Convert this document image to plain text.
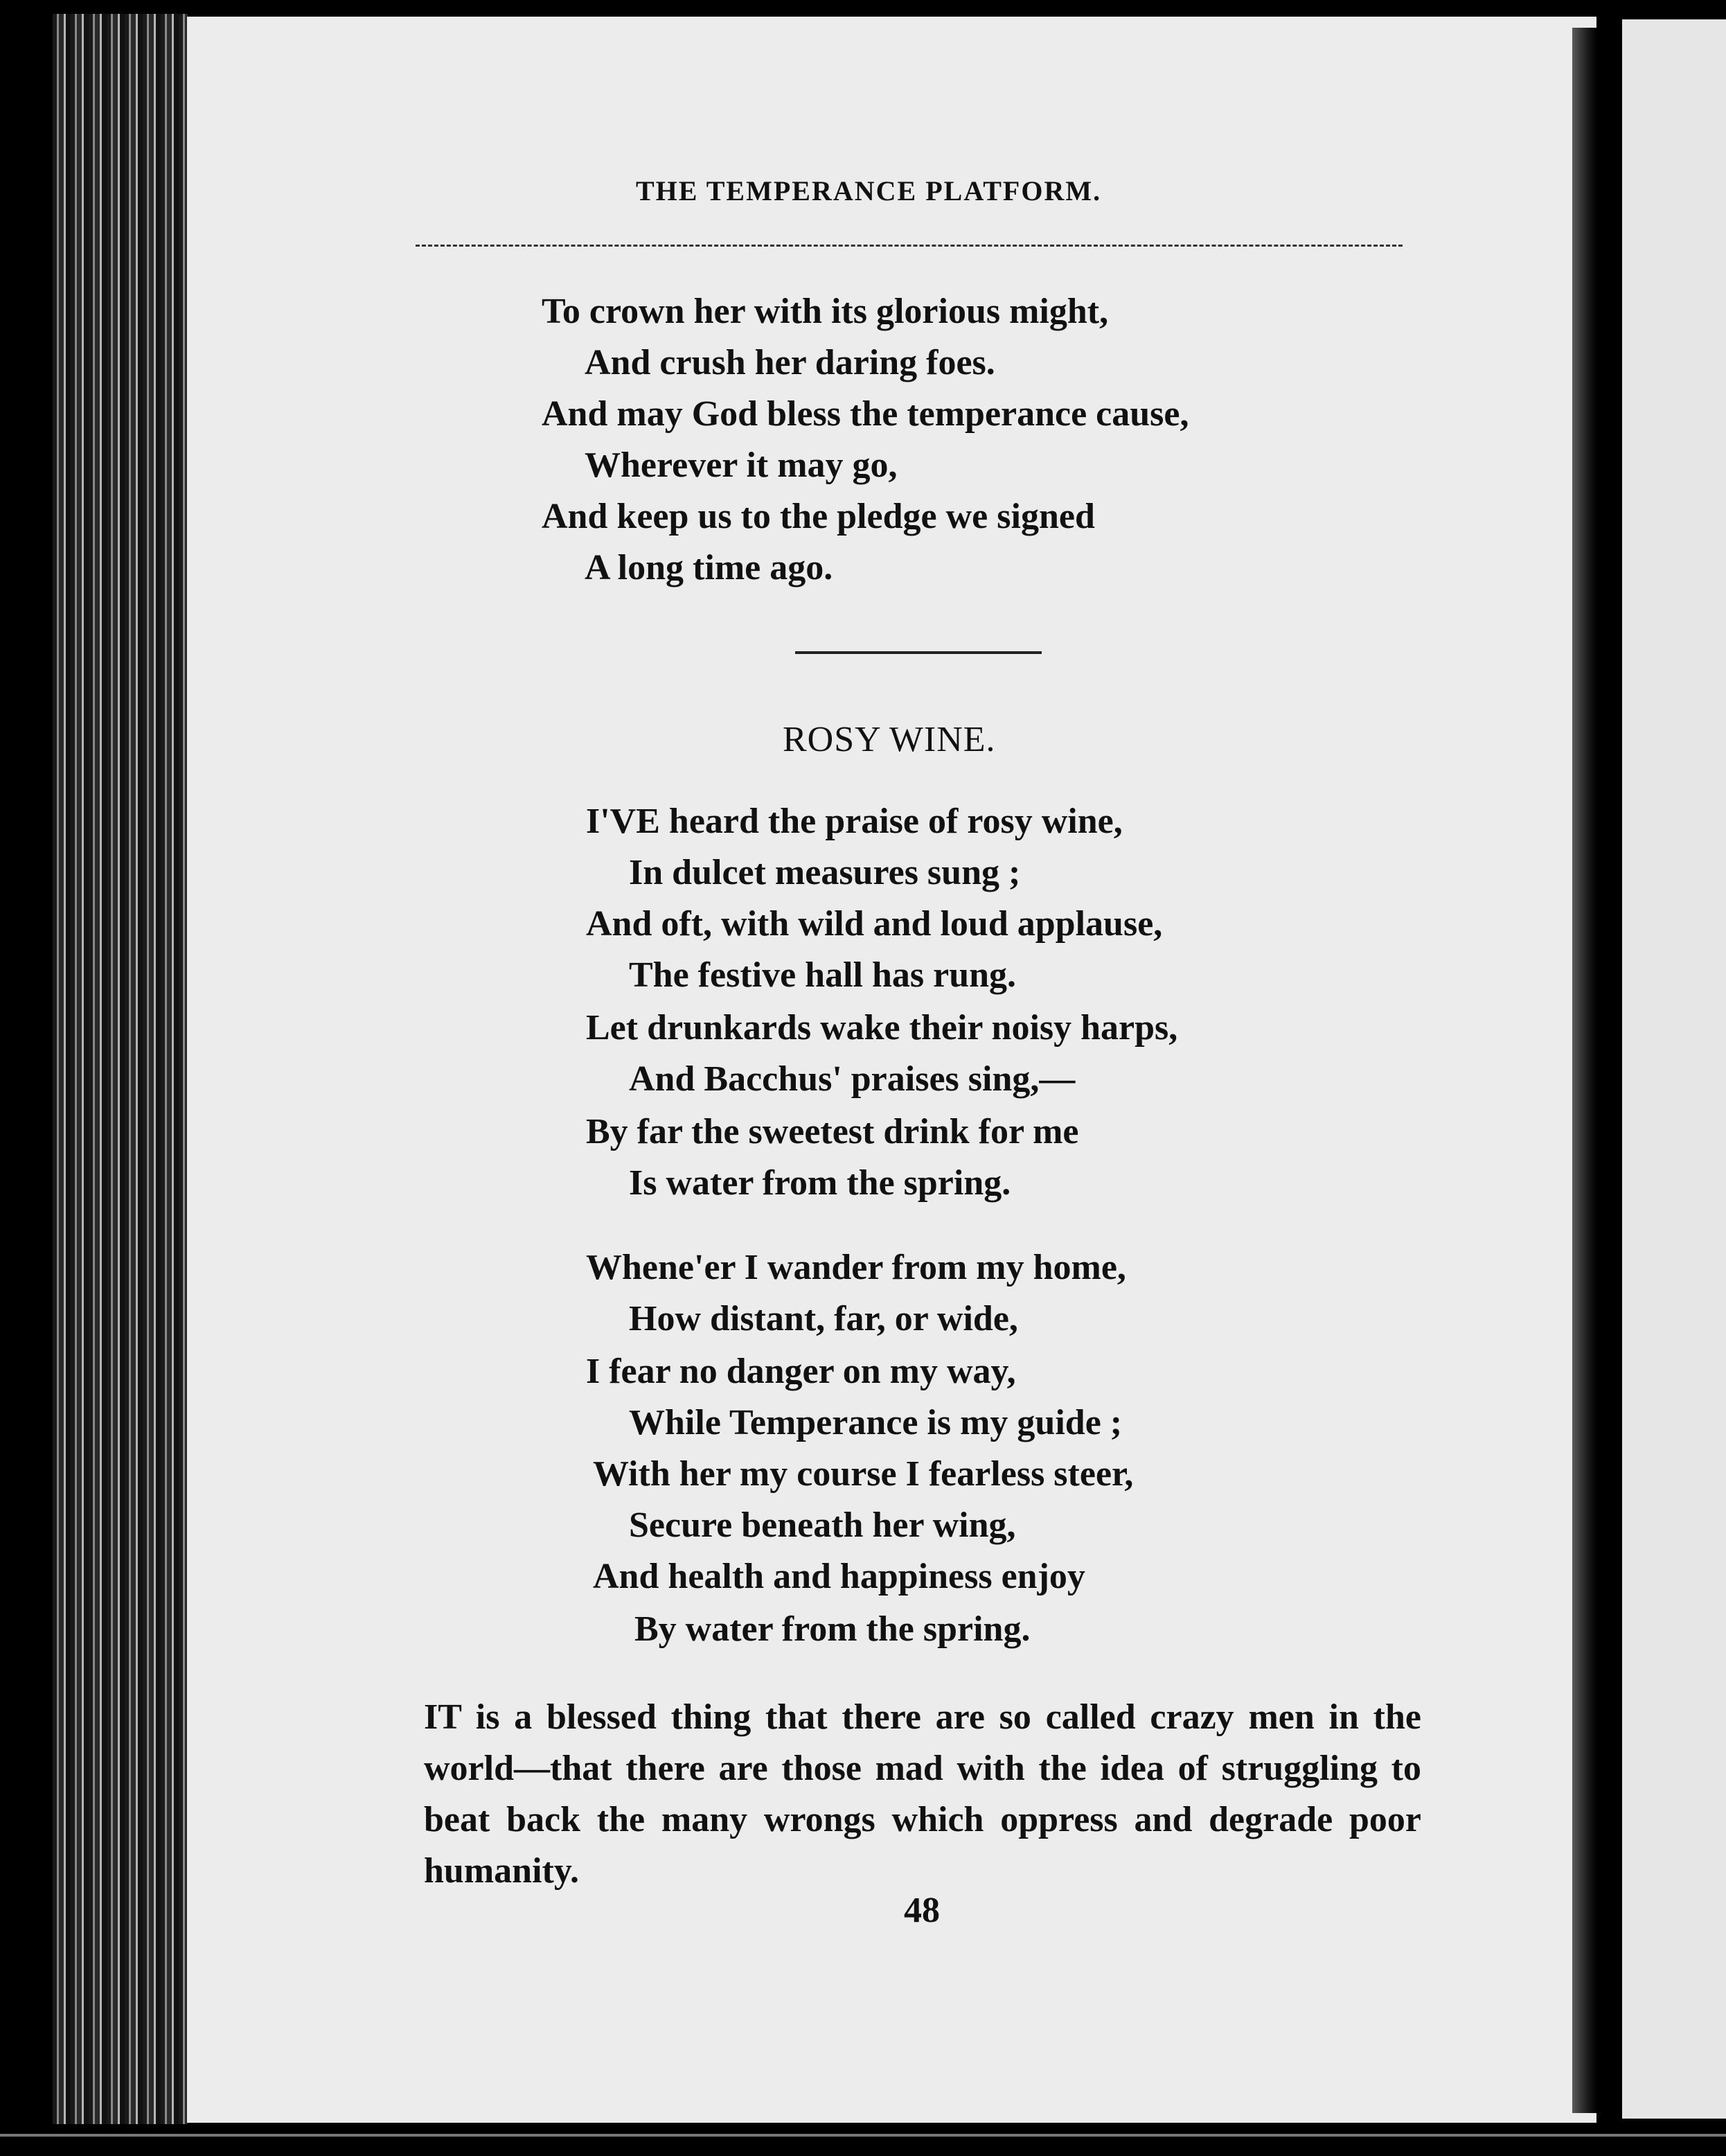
THE TEMPERANCE PLATFORM.
To crown her with its glorious might,
And crush her daring foes.
And may God bless the temperance cause,
Wherever it may go,
And keep us to the pledge we signed
A long time ago.
ROSY WINE.
I'VE heard the praise of rosy wine,
In dulcet measures sung ;
And oft, with wild and loud applause,
The festive hall has rung.
Let drunkards wake their noisy harps,
And Bacchus' praises sing,—
By far the sweetest drink for me
Is water from the spring.
Whene'er I wander from my home,
How distant, far, or wide,
I fear no danger on my way,
While Temperance is my guide ;
With her my course I fearless steer,
Secure beneath her wing,
And health and happiness enjoy
By water from the spring.
IT is a blessed thing that there are so called crazy men in the world—that there are those mad with the idea of struggling to beat back the many wrongs which oppress and degrade poor humanity.
48
